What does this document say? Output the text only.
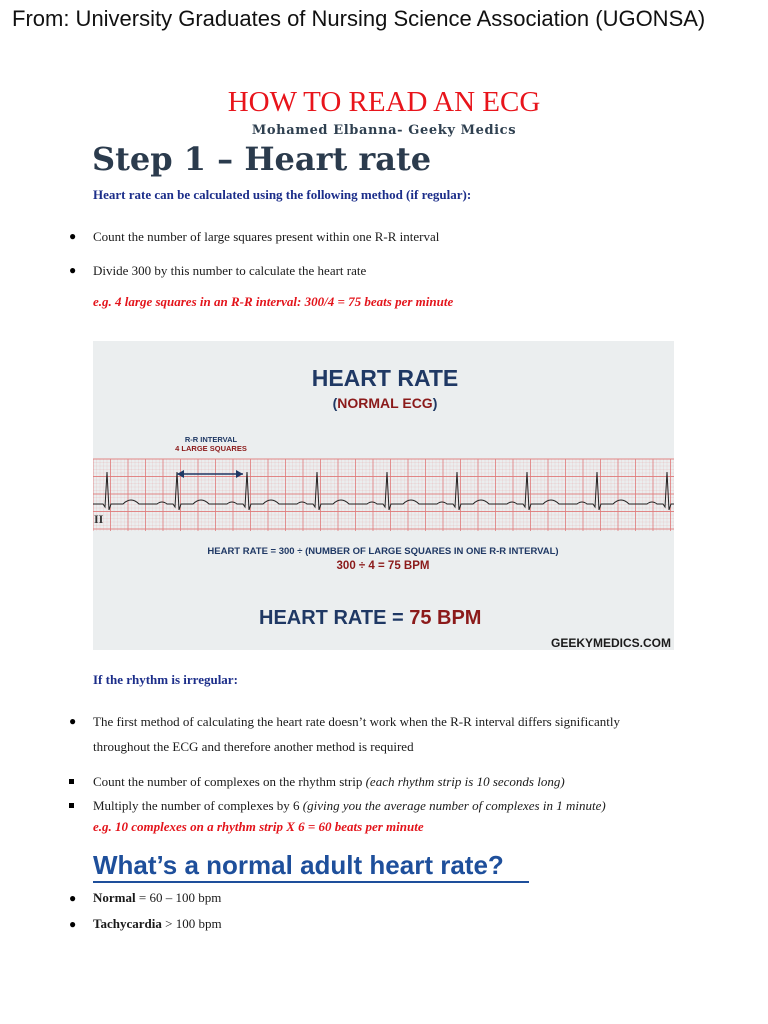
From: University Graduates of Nursing Science Association (UGONSA)
HOW TO READ AN ECG
Mohamed Elbanna- Geeky Medics
Step 1 – Heart rate
Heart rate can be calculated using the following method (if regular):
● Count the number of large squares present within one R-R interval
● Divide 300 by this number to calculate the heart rate
e.g. 4 large squares in an R-R interval: 300/4 = 75 beats per minute
HEART RATE
(NORMAL ECG)
R-R INTERVAL
4 LARGE SQUARES
II
HEART RATE = 300 ÷ (NUMBER OF LARGE SQUARES IN ONE R-R INTERVAL)
300 ÷ 4 = 75 BPM
HEART RATE = 75 BPM
GEEKYMEDICS.COM
If the rhythm is irregular:
● The first method of calculating the heart rate doesn’t work when the R-R interval differs significantly
throughout the ECG and therefore another method is required
Count the number of complexes on the rhythm strip (each rhythm strip is 10 seconds long)
Multiply the number of complexes by 6 (giving you the average number of complexes in 1 minute)
e.g. 10 complexes on a rhythm strip X 6 = 60 beats per minute
What’s a normal adult heart rate?
● Normal = 60 – 100 bpm
● Tachycardia > 100 bpm
